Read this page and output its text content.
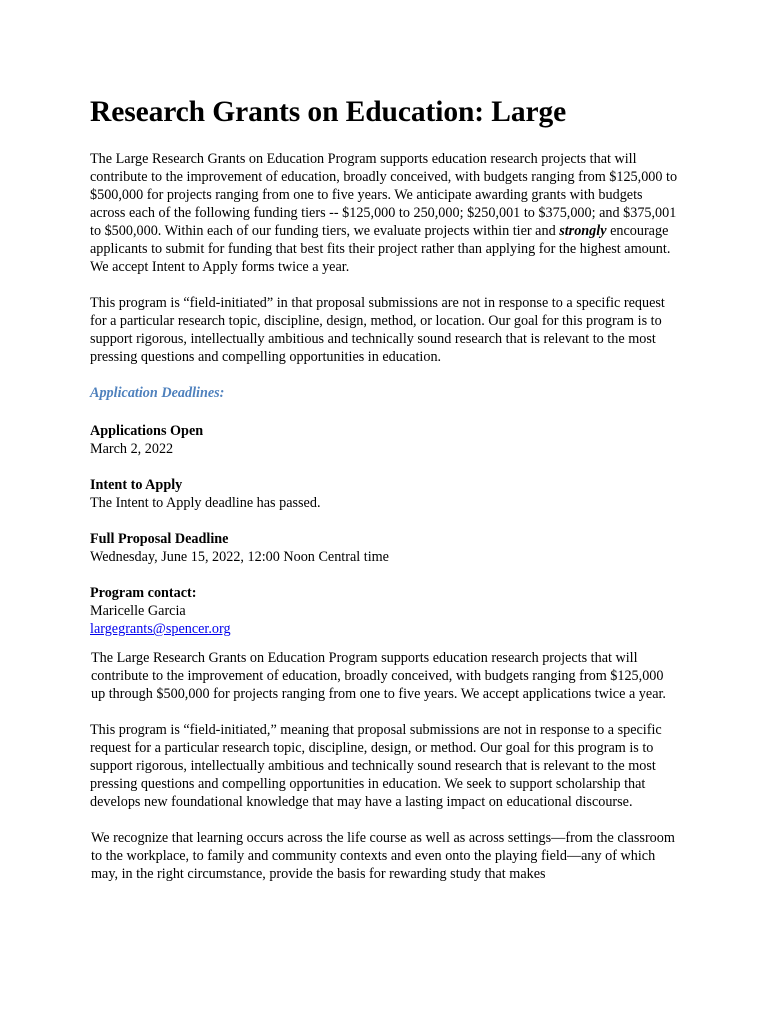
Research Grants on Education: Large

The Large Research Grants on Education Program supports education research projects that will contribute to the improvement of education, broadly conceived, with budgets ranging from $125,000 to $500,000 for projects ranging from one to five years. We anticipate awarding grants with budgets across each of the following funding tiers -- $125,000 to 250,000; $250,001 to $375,000; and $375,001 to $500,000. Within each of our funding tiers, we evaluate projects within tier and strongly encourage applicants to submit for funding that best fits their project rather than applying for the highest amount. We accept Intent to Apply forms twice a year.

This program is “field-initiated” in that proposal submissions are not in response to a specific request for a particular research topic, discipline, design, method, or location. Our goal for this program is to support rigorous, intellectually ambitious and technically sound research that is relevant to the most pressing questions and compelling opportunities in education.

Application Deadlines:

Applications Open

March 2, 2022

Intent to Apply

The Intent to Apply deadline has passed.

Full Proposal Deadline

Wednesday, June 15, 2022, 12:00 Noon Central time

Program contact:

Maricelle Garcia

largegrants@spencer.org

The Large Research Grants on Education Program supports education research projects that will contribute to the improvement of education, broadly conceived, with budgets ranging from $125,000 up through $500,000 for projects ranging from one to five years. We accept applications twice a year.

This program is “field-initiated,” meaning that proposal submissions are not in response to a specific request for a particular research topic, discipline, design, or method. Our goal for this program is to support rigorous, intellectually ambitious and technically sound research that is relevant to the most pressing questions and compelling opportunities in education. We seek to support scholarship that develops new foundational knowledge that may have a lasting impact on educational discourse.

We recognize that learning occurs across the life course as well as across settings—from the classroom to the workplace, to family and community contexts and even onto the playing field—any of which may, in the right circumstance, provide the basis for rewarding study that makes
